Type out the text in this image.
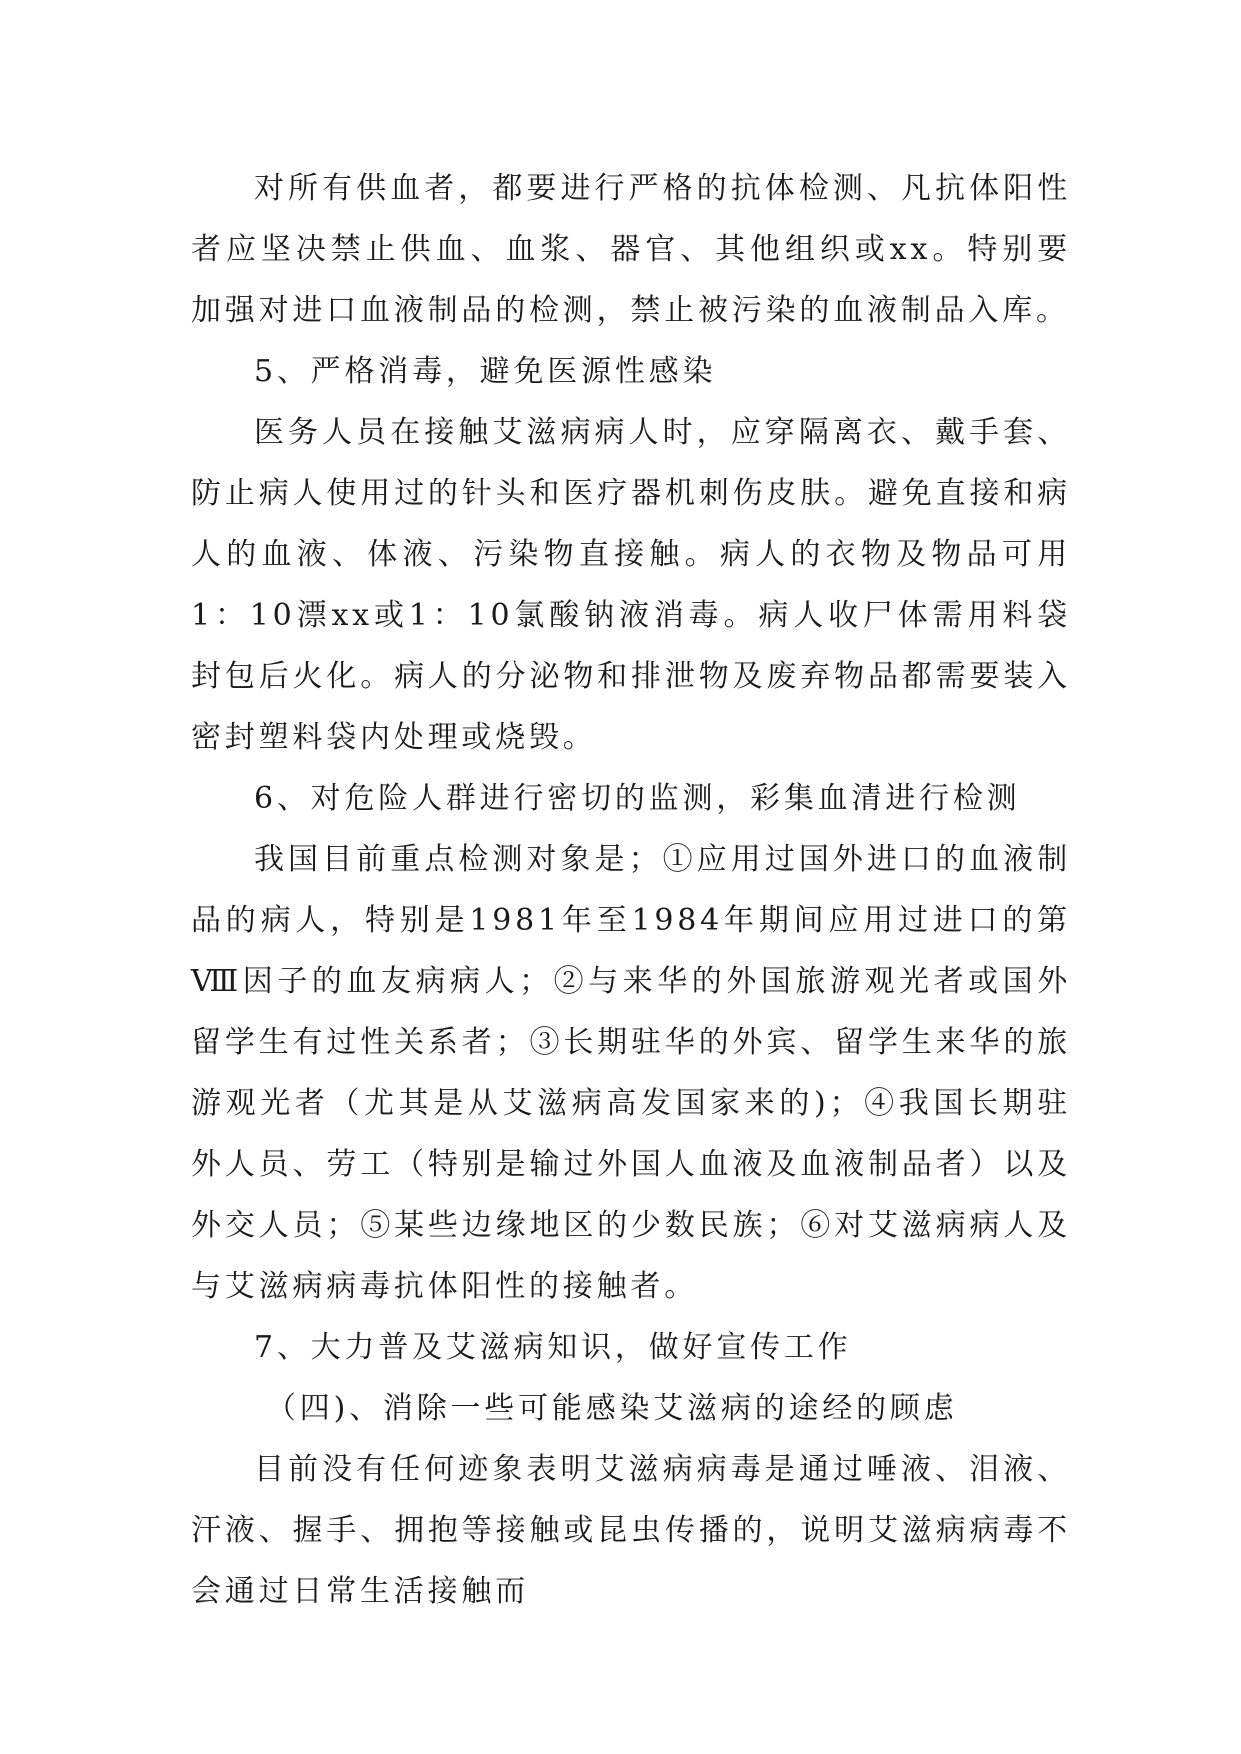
对所有供血者，都要进行严格的抗体检测、凡抗体阳性者应坚决禁止供血、血浆、器官、其他组织或xx。特别要加强对进口血液制品的检测，禁止被污染的血液制品入库。

5、严格消毒，避免医源性感染

医务人员在接触艾滋病病人时，应穿隔离衣、戴手套、防止病人使用过的针头和医疗器机刺伤皮肤。避免直接和病人的血液、体液、污染物直接触。病人的衣物及物品可用1：10漂xx或1：10氯酸钠液消毒。病人收尸体需用料袋封包后火化。病人的分泌物和排泄物及废弃物品都需要装入密封塑料袋内处理或烧毁。

6、对危险人群进行密切的监测，彩集血清进行检测

我国目前重点检测对象是；①应用过国外进口的血液制品的病人，特别是1981年至1984年期间应用过进口的第Ⅷ因子的血友病病人；②与来华的外国旅游观光者或国外留学生有过性关系者；③长期驻华的外宾、留学生来华的旅游观光者（尤其是从艾滋病高发国家来的)；④我国长期驻外人员、劳工（特别是输过外国人血液及血液制品者）以及外交人员；⑤某些边缘地区的少数民族；⑥对艾滋病病人及与艾滋病病毒抗体阳性的接触者。

7、大力普及艾滋病知识，做好宣传工作

（四)、消除一些可能感染艾滋病的途经的顾虑

目前没有任何迹象表明艾滋病病毒是通过唾液、泪液、汗液、握手、拥抱等接触或昆虫传播的，说明艾滋病病毒不会通过日常生活接触而
